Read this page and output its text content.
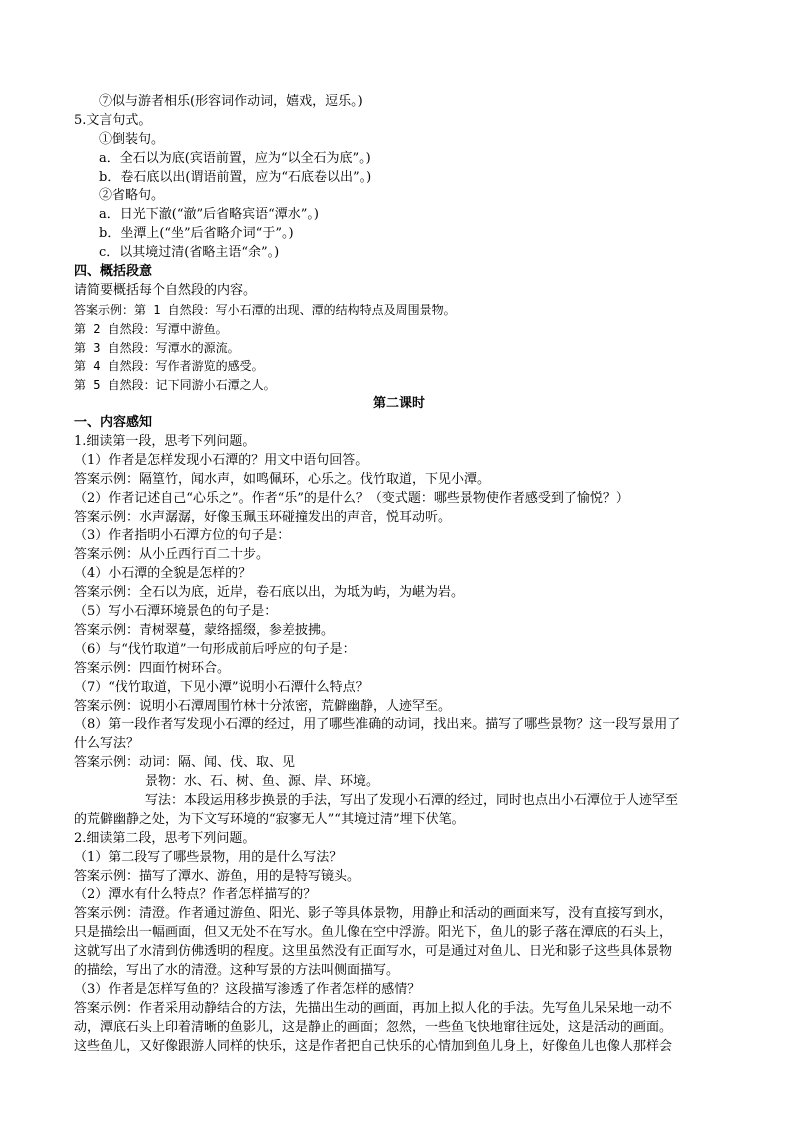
⑦似与游者相乐(形容词作动词，嬉戏，逗乐。)
5.文言句式。
①倒装句。
a．全石以为底(宾语前置，应为“以全石为底”。)
b．卷石底以出(谓语前置，应为“石底卷以出”。)
②省略句。
a．日光下澈(“澈”后省略宾语“潭水”。)
b．坐潭上(“坐”后省略介词“于”。)
c．以其境过清(省略主语“余”。)
四、概括段意
请简要概括每个自然段的内容。
答案示例：第 1 自然段：写小石潭的出现、潭的结构特点及周围景物。
第 2 自然段：写潭中游鱼。
第 3 自然段：写潭水的源流。
第 4 自然段：写作者游览的感受。
第 5 自然段：记下同游小石潭之人。
第二课时
一、内容感知
1.细读第一段，思考下列问题。
（1）作者是怎样发现小石潭的？用文中语句回答。
答案示例：隔篁竹，闻水声，如鸣佩环，心乐之。伐竹取道，下见小潭。
（2）作者记述自己“心乐之”。作者“乐”的是什么？（变式题：哪些景物使作者感受到了愉悦？）
答案示例：水声潺潺，好像玉珮玉环碰撞发出的声音，悦耳动听。
（3）作者指明小石潭方位的句子是：
答案示例：从小丘西行百二十步。
（4）小石潭的全貌是怎样的？
答案示例：全石以为底，近岸，卷石底以出，为坻为屿，为嵁为岩。
（5）写小石潭环境景色的句子是：
答案示例：青树翠蔓，蒙络摇缀，参差披拂。
（6）与“伐竹取道”一句形成前后呼应的句子是：
答案示例：四面竹树环合。
（7）“伐竹取道，下见小潭”说明小石潭什么特点？
答案示例：说明小石潭周围竹林十分浓密，荒僻幽静，人迹罕至。
（8）第一段作者写发现小石潭的经过，用了哪些准确的动词，找出来。描写了哪些景物？这一段写景用了
什么写法？
答案示例：动词：隔、闻、伐、取、见
景物：水、石、树、鱼、源、岸、环境。
写法：本段运用移步换景的手法，写出了发现小石潭的经过，同时也点出小石潭位于人迹罕至
的荒僻幽静之处，为下文写环境的“寂寥无人”“其境过清”埋下伏笔。
2.细读第二段，思考下列问题。
（1）第二段写了哪些景物，用的是什么写法？
答案示例：描写了潭水、游鱼，用的是特写镜头。
（2）潭水有什么特点？作者怎样描写的？
答案示例：清澄。作者通过游鱼、阳光、影子等具体景物，用静止和活动的画面来写，没有直接写到水，
只是描绘出一幅画面，但又无处不在写水。鱼儿像在空中浮游。阳光下，鱼儿的影子落在潭底的石头上，
这就写出了水清到仿佛透明的程度。这里虽然没有正面写水，可是通过对鱼儿、日光和影子这些具体景物
的描绘，写出了水的清澄。这种写景的方法叫侧面描写。
（3）作者是怎样写鱼的？这段描写渗透了作者怎样的感情？
答案示例：作者采用动静结合的方法，先描出生动的画面，再加上拟人化的手法。先写鱼儿呆呆地一动不
动，潭底石头上印着清晰的鱼影儿，这是静止的画面；忽然，一些鱼飞快地窜往远处，这是活动的画面。
这些鱼儿，又好像跟游人同样的快乐，这是作者把自己快乐的心情加到鱼儿身上，好像鱼儿也像人那样会
